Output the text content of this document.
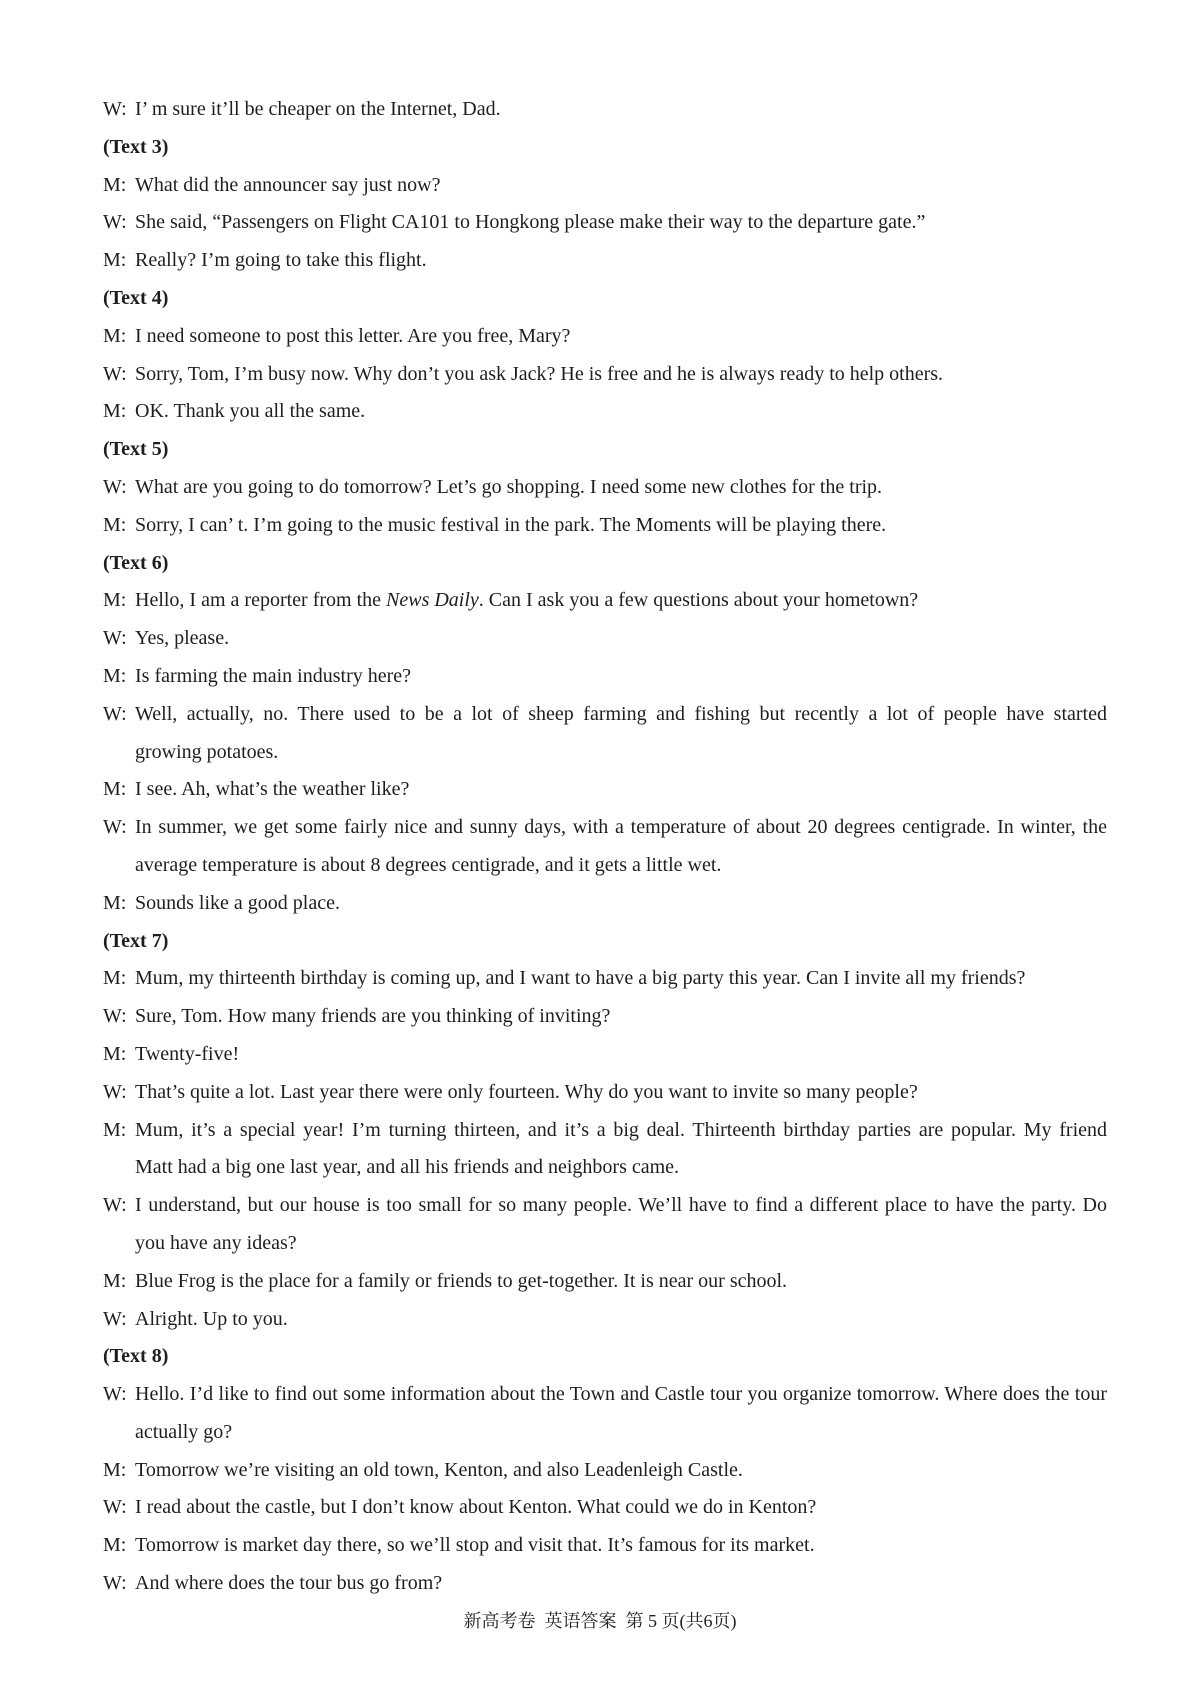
W: I’ m sure it’ll be cheaper on the Internet, Dad.
(Text 3)
M: What did the announcer say just now?
W: She said, “Passengers on Flight CA101 to Hongkong please make their way to the departure gate.”
M: Really? I’m going to take this flight.
(Text 4)
M: I need someone to post this letter. Are you free, Mary?
W: Sorry, Tom, I’m busy now. Why don’t you ask Jack? He is free and he is always ready to help others.
M: OK. Thank you all the same.
(Text 5)
W: What are you going to do tomorrow? Let’s go shopping. I need some new clothes for the trip.
M: Sorry, I can’ t. I’m going to the music festival in the park. The Moments will be playing there.
(Text 6)
M: Hello, I am a reporter from the News Daily. Can I ask you a few questions about your hometown?
W: Yes, please.
M: Is farming the main industry here?
W: Well, actually, no. There used to be a lot of sheep farming and fishing but recently a lot of people have started
growing potatoes.
M: I see. Ah, what’s the weather like?
W: In summer, we get some fairly nice and sunny days, with a temperature of about 20 degrees centigrade. In winter, the
average temperature is about 8 degrees centigrade, and it gets a little wet.
M: Sounds like a good place.
(Text 7)
M: Mum, my thirteenth birthday is coming up, and I want to have a big party this year. Can I invite all my friends?
W: Sure, Tom. How many friends are you thinking of inviting?
M: Twenty-five!
W: That’s quite a lot. Last year there were only fourteen. Why do you want to invite so many people?
M: Mum, it’s a special year! I’m turning thirteen, and it’s a big deal. Thirteenth birthday parties are popular. My friend
Matt had a big one last year, and all his friends and neighbors came.
W: I understand, but our house is too small for so many people. We’ll have to find a different place to have the party. Do
you have any ideas?
M: Blue Frog is the place for a family or friends to get-together. It is near our school.
W: Alright. Up to you.
(Text 8)
W: Hello. I’d like to find out some information about the Town and Castle tour you organize tomorrow. Where does the tour
actually go?
M: Tomorrow we’re visiting an old town, Kenton, and also Leadenleigh Castle.
W: I read about the castle, but I don’t know about Kenton. What could we do in Kenton?
M: Tomorrow is market day there, so we’ll stop and visit that. It’s famous for its market.
W: And where does the tour bus go from?
新高考卷  英语答案  第 5 页(共6页)
